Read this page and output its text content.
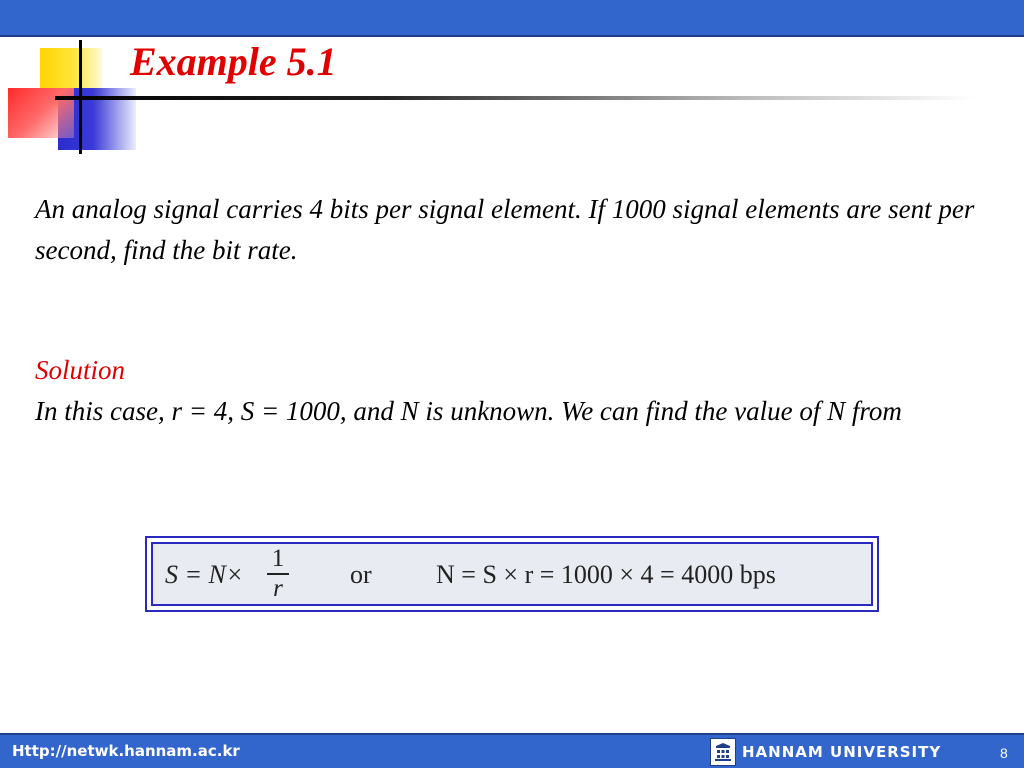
Example 5.1

An analog signal carries 4 bits per signal element. If 1000 signal elements are sent per second, find the bit rate.

Solution

In this case, r = 4, S = 1000, and N is unknown. We can find the value of N from

S = N×
1
r	or N = S × r = 1000 × 4 = 4000 bps
Http://netwk.hannam.ac.kr	HANNAM UNIVERSITY	8
